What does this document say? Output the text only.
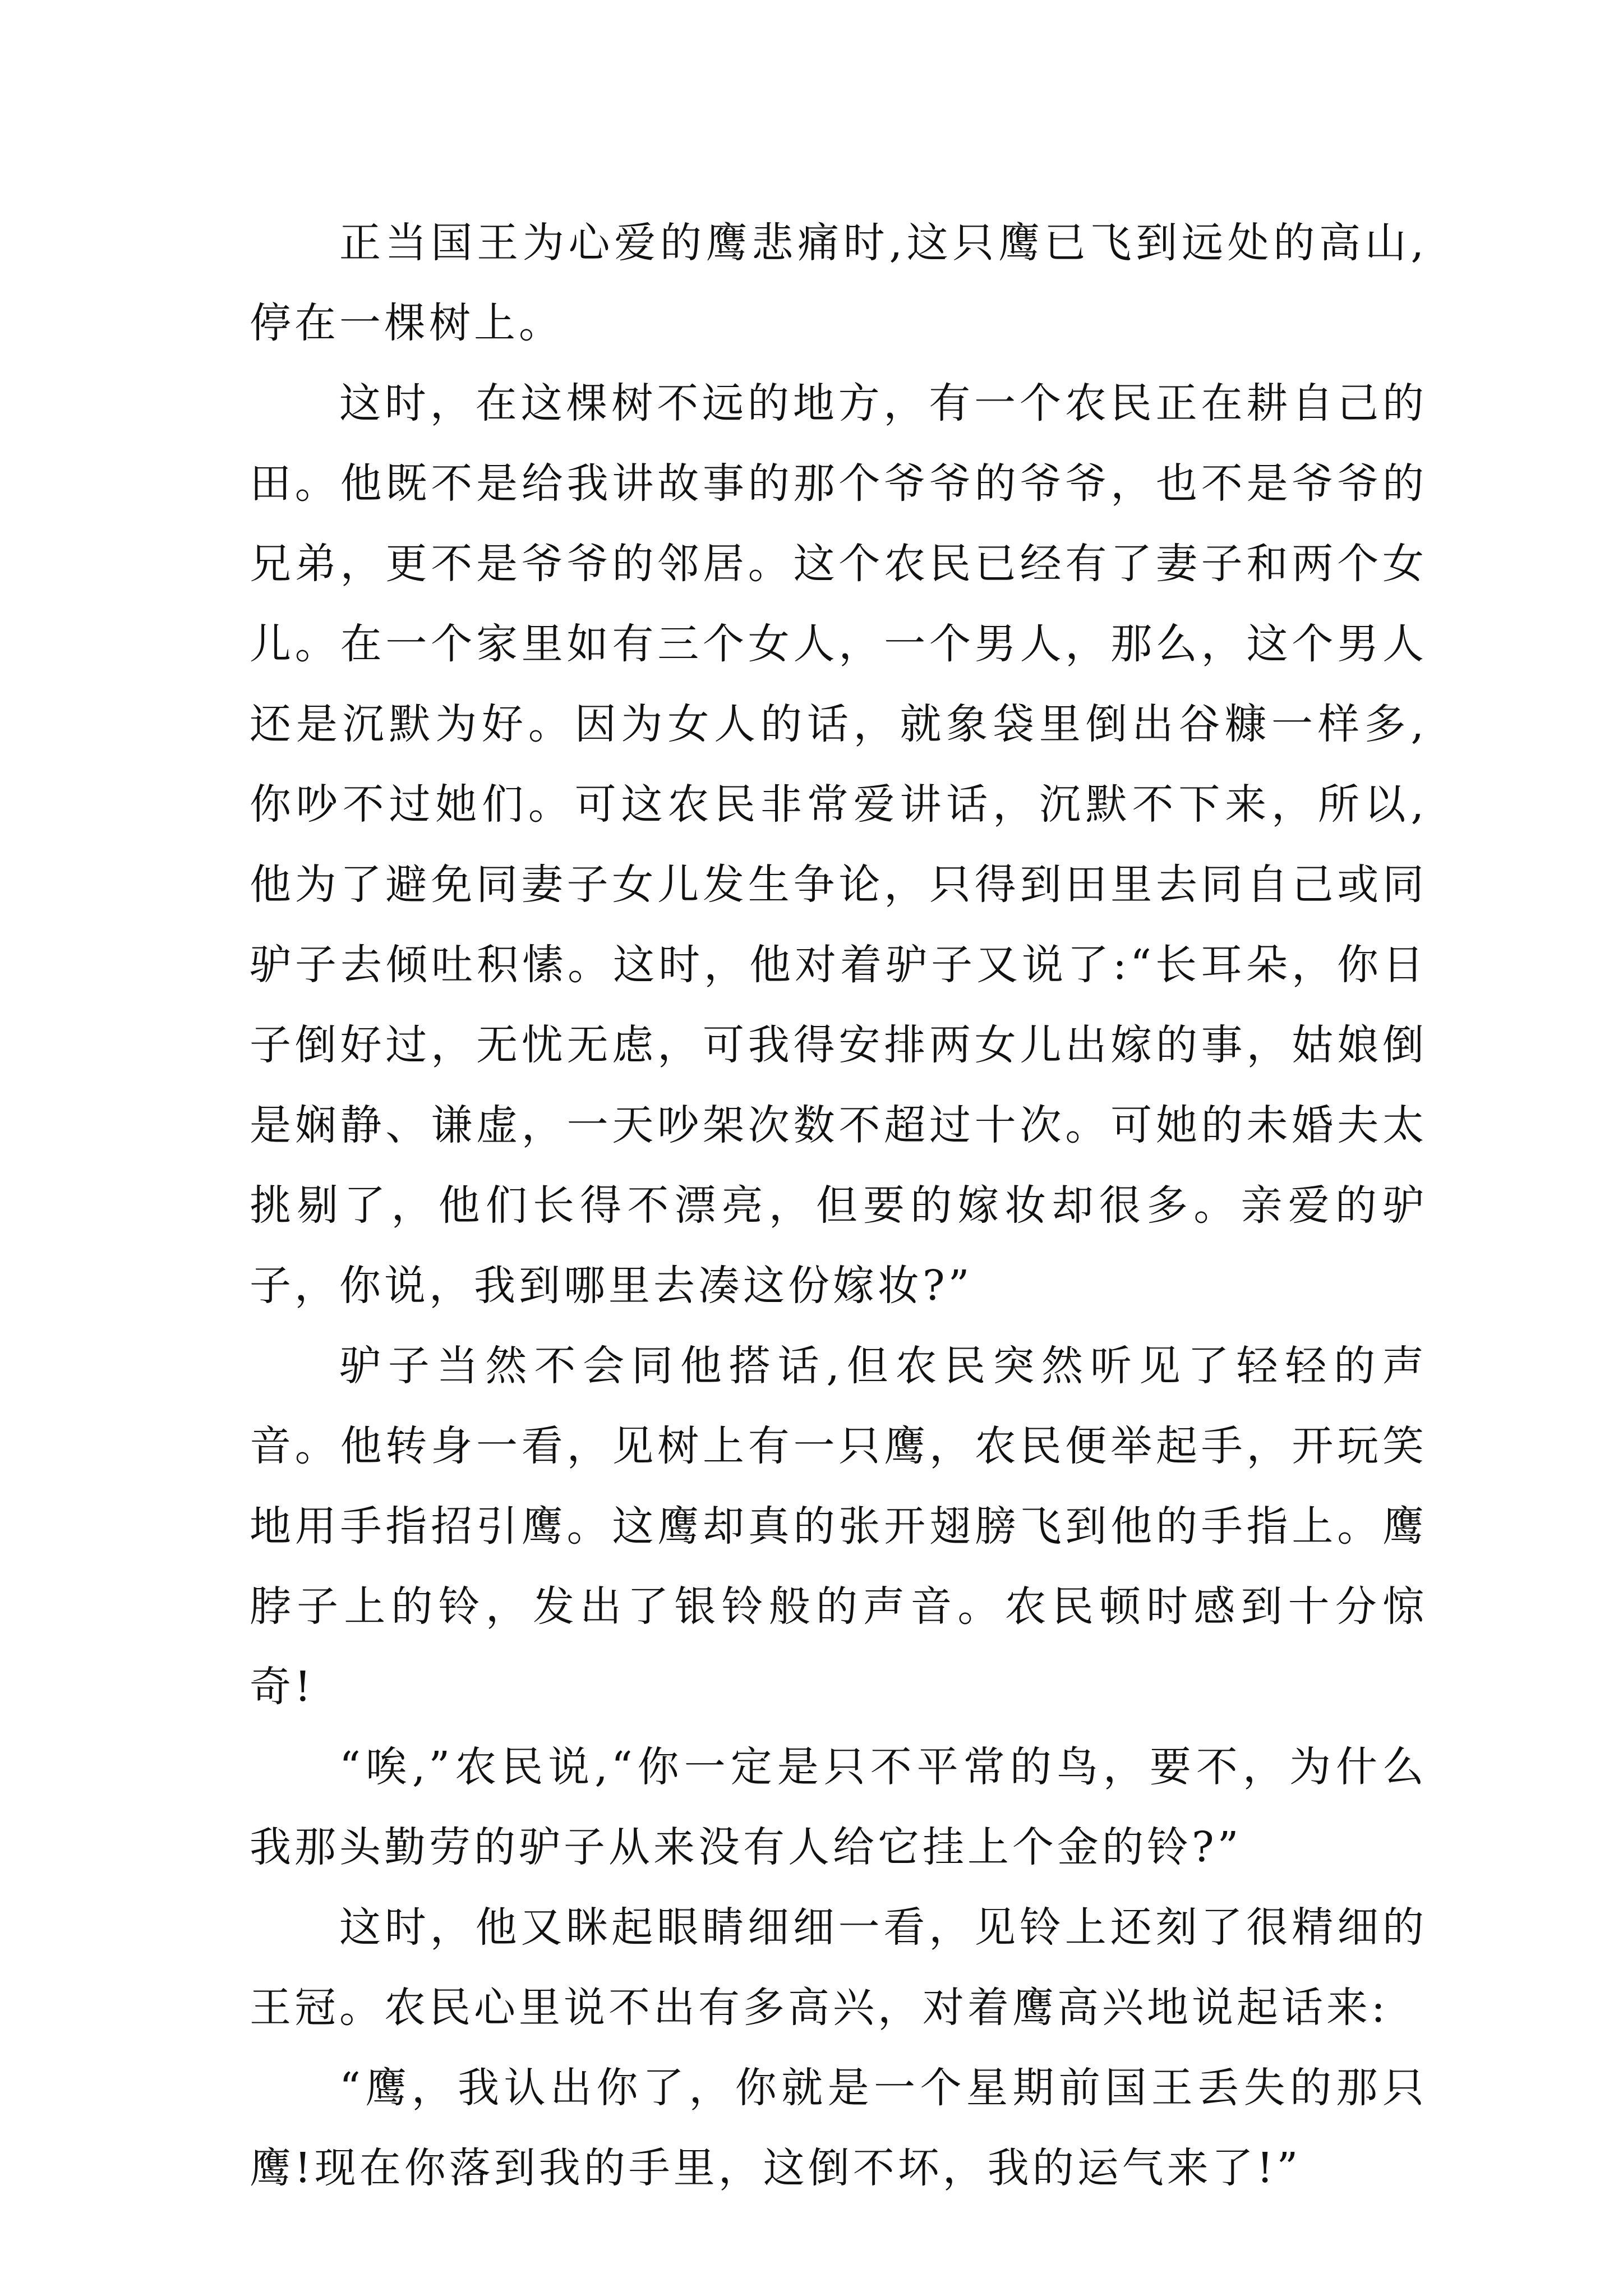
正当国王为心爱的鹰悲痛时,这只鹰已飞到远处的高山,停在一棵树上。

这时，在这棵树不远的地方，有一个农民正在耕自己的田。他既不是给我讲故事的那个爷爷的爷爷，也不是爷爷的兄弟，更不是爷爷的邻居。这个农民已经有了妻子和两个女儿。在一个家里如有三个女人，一个男人，那么，这个男人还是沉默为好。因为女人的话，就象袋里倒出谷糠一样多,你吵不过她们。可这农民非常爱讲话，沉默不下来，所以,他为了避免同妻子女儿发生争论，只得到田里去同自己或同驴子去倾吐积愫。这时，他对着驴子又说了:“长耳朵，你日子倒好过，无忧无虑，可我得安排两女儿出嫁的事，姑娘倒是娴静、谦虚，一天吵架次数不超过十次。可她的未婚夫太挑剔了，他们长得不漂亮，但要的嫁妆却很多。亲爱的驴子，你说，我到哪里去凑这份嫁妆?”

驴子当然不会同他搭话,但农民突然听见了轻轻的声音。他转身一看，见树上有一只鹰，农民便举起手，开玩笑地用手指招引鹰。这鹰却真的张开翅膀飞到他的手指上。鹰脖子上的铃，发出了银铃般的声音。农民顿时感到十分惊奇!

“唉,”农民说,“你一定是只不平常的鸟，要不，为什么我那头勤劳的驴子从来没有人给它挂上个金的铃?”

这时，他又眯起眼睛细细一看，见铃上还刻了很精细的王冠。农民心里说不出有多高兴，对着鹰高兴地说起话来:

“鹰，我认出你了，你就是一个星期前国王丢失的那只鹰!现在你落到我的手里，这倒不坏，我的运气来了!”
